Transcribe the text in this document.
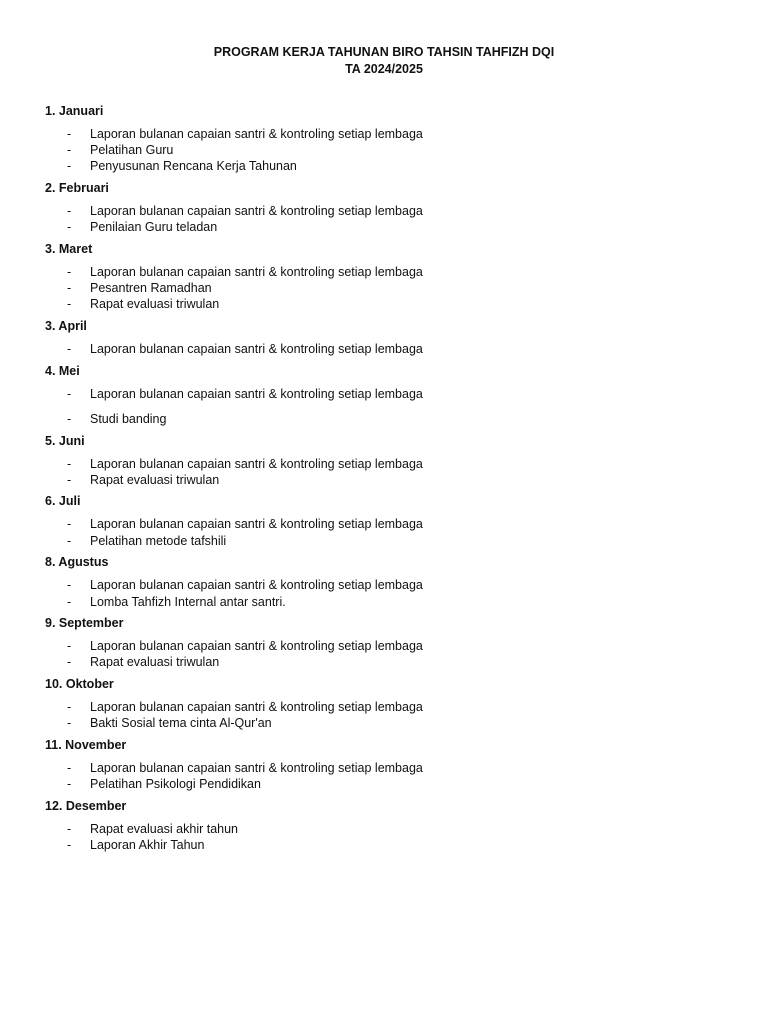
PROGRAM KERJA TAHUNAN BIRO TAHSIN TAHFIZH DQI
TA 2024/2025
1. Januari
- Laporan bulanan capaian santri & kontroling setiap lembaga
- Pelatihan Guru
- Penyusunan Rencana Kerja Tahunan
2. Februari
- Laporan bulanan capaian santri & kontroling setiap lembaga
- Penilaian Guru teladan
3. Maret
- Laporan bulanan capaian santri & kontroling setiap lembaga
- Pesantren Ramadhan
- Rapat evaluasi triwulan
3. April
- Laporan bulanan capaian santri & kontroling setiap lembaga
4. Mei
- Laporan bulanan capaian santri & kontroling setiap lembaga
- Studi banding
5. Juni
- Laporan bulanan capaian santri & kontroling setiap lembaga
- Rapat evaluasi triwulan
6. Juli
- Laporan bulanan capaian santri & kontroling setiap lembaga
- Pelatihan metode tafshili
8. Agustus
- Laporan bulanan capaian santri & kontroling setiap lembaga
- Lomba Tahfizh Internal antar santri.
9. September
- Laporan bulanan capaian santri & kontroling setiap lembaga
- Rapat evaluasi triwulan
10. Oktober
- Laporan bulanan capaian santri & kontroling setiap lembaga
- Bakti Sosial tema cinta Al-Qur'an
11. November
- Laporan bulanan capaian santri & kontroling setiap lembaga
- Pelatihan Psikologi Pendidikan
12. Desember
- Rapat evaluasi akhir tahun
- Laporan Akhir Tahun
